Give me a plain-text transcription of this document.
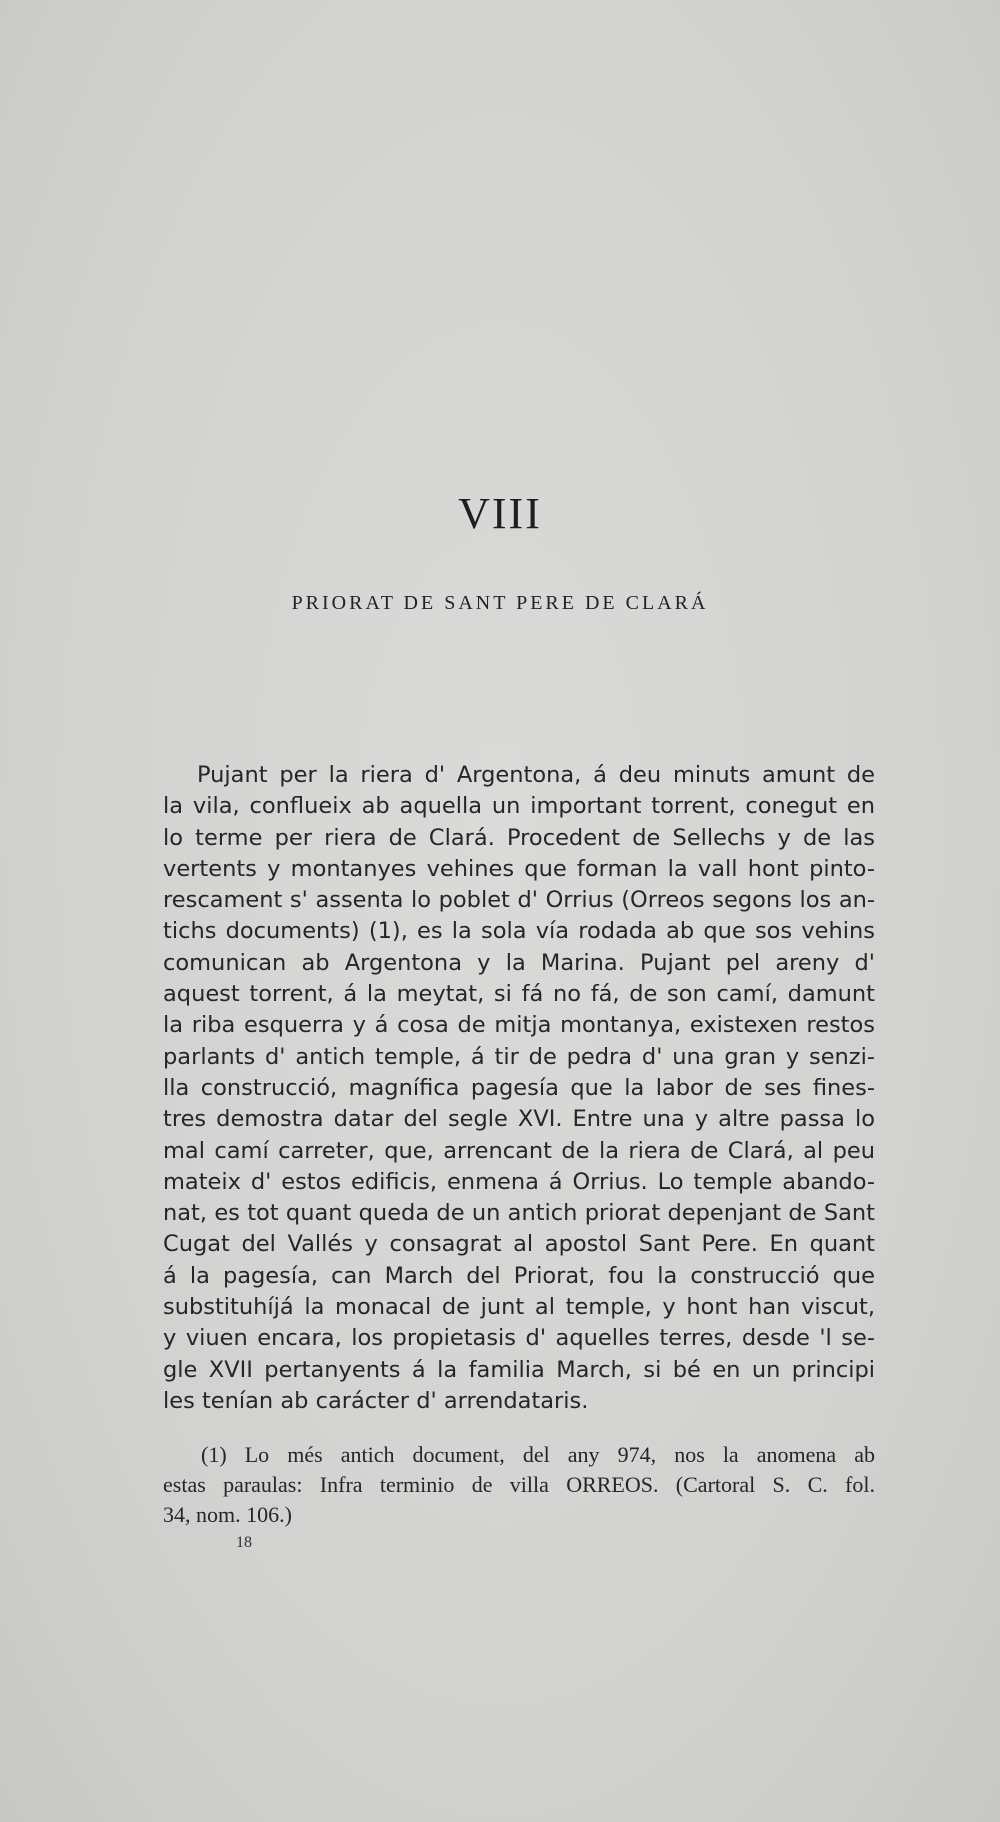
VIII
PRIORAT DE SANT PERE DE CLARÁ
Pujant per la riera d' Argentona, á deu minuts amunt de
la vila, conflueix ab aquella un important torrent, conegut en
lo terme per riera de Clará. Procedent de Sellechs y de las
vertents y montanyes vehines que forman la vall hont pinto-
rescament s' assenta lo poblet d' Orrius (Orreos segons los an-
tichs documents) (1), es la sola vía rodada ab que sos vehins
comunican ab Argentona y la Marina. Pujant pel areny d'
aquest torrent, á la meytat, si fá no fá, de son camí, damunt
la riba esquerra y á cosa de mitja montanya, existexen restos
parlants d' antich temple, á tir de pedra d' una gran y senzi-
lla construcció, magnífica pagesía que la labor de ses fines-
tres demostra datar del segle XVI. Entre una y altre passa lo
mal camí carreter, que, arrencant de la riera de Clará, al peu
mateix d' estos edificis, enmena á Orrius. Lo temple abando-
nat, es tot quant queda de un antich priorat depenjant de Sant
Cugat del Vallés y consagrat al apostol Sant Pere. En quant
á la pagesía, can March del Priorat, fou la construcció que
substituhíjá la monacal de junt al temple, y hont han viscut,
y viuen encara, los propietasis d' aquelles terres, desde 'l se-
gle XVII pertanyents á la familia March, si bé en un principi
les tenían ab carácter d' arrendataris.
(1) Lo més antich document, del any 974, nos la anomena ab
estas paraulas: Infra terminio de villa ORREOS. (Cartoral S. C. fol.
34, nom. 106.)
18
